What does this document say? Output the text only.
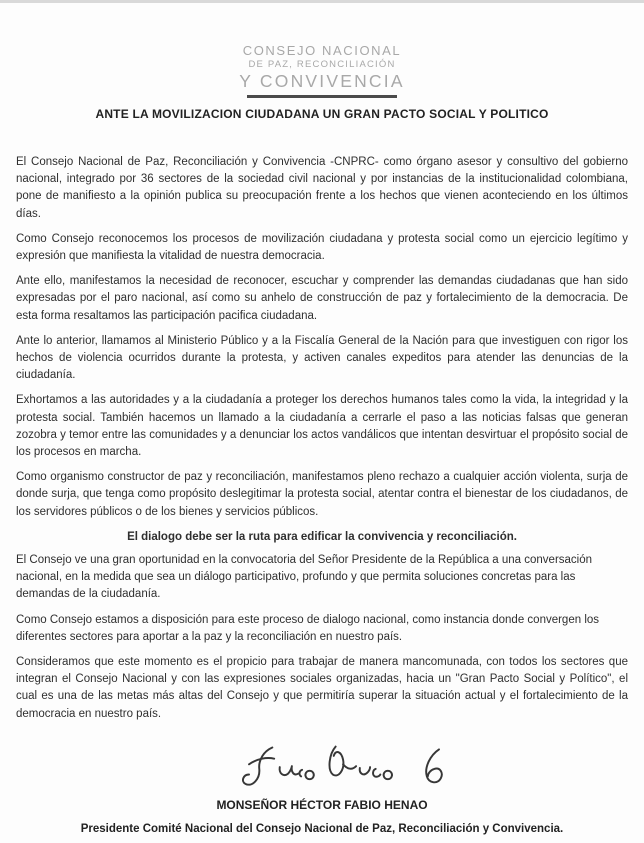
CONSEJO NACIONAL
DE PAZ, RECONCILIACIÓN
Y CONVIVENCIA
ANTE LA MOVILIZACION CIUDADANA UN GRAN PACTO SOCIAL Y POLITICO

El Consejo Nacional de Paz, Reconciliación y Convivencia -CNPRC- como órgano asesor y consultivo del gobierno nacional, integrado por 36 sectores de la sociedad civil nacional y por instancias de la institucionalidad colombiana, pone de manifiesto a la opinión publica su preocupación frente a los hechos que vienen aconteciendo en los últimos días.

Como Consejo reconocemos los procesos de movilización ciudadana y protesta social como un ejercicio legítimo y expresión que manifiesta la vitalidad de nuestra democracia.

Ante ello, manifestamos la necesidad de reconocer, escuchar y comprender las demandas ciudadanas que han sido expresadas por el paro nacional, así como su anhelo de construcción de paz y fortalecimiento de la democracia. De esta forma resaltamos las participación pacifica ciudadana.

Ante lo anterior, llamamos al Ministerio Público y a la Fiscalía General de la Nación para que investiguen con rigor los hechos de violencia ocurridos durante la protesta, y activen canales expeditos para atender las denuncias de la ciudadanía.

Exhortamos a las autoridades y a la ciudadanía a proteger los derechos humanos tales como la vida, la integridad y la protesta social. También hacemos un llamado a la ciudadanía a cerrarle el paso a las noticias falsas que generan zozobra y temor entre las comunidades y a denunciar los actos vandálicos que intentan desvirtuar el propósito social de los procesos en marcha.

Como organismo constructor de paz y reconciliación, manifestamos pleno rechazo a cualquier acción violenta, surja de donde surja, que tenga como propósito deslegitimar la protesta social, atentar contra el bienestar de los ciudadanos, de los servidores públicos o de los bienes y servicios públicos.

El dialogo debe ser la ruta para edificar la convivencia y reconciliación.

El Consejo ve una gran oportunidad en la convocatoria del Señor Presidente de la República a una conversación nacional, en la medida que sea un diálogo participativo, profundo y que permita soluciones concretas para las demandas de la ciudadanía.

Como Consejo estamos a disposición para este proceso de dialogo nacional, como instancia donde convergen los diferentes sectores para aportar a la paz y la reconciliación en nuestro país.

Consideramos que este momento es el propicio para trabajar de manera mancomunada, con todos los sectores que integran el Consejo Nacional y con las expresiones sociales organizadas, hacia un "Gran Pacto Social y Político", el cual es una de las metas más altas del Consejo y que permitiría superar la situación actual y el fortalecimiento de la democracia en nuestro país.

MONSEÑOR HÉCTOR FABIO HENAO
Presidente Comité Nacional del Consejo Nacional de Paz, Reconciliación y Convivencia.
